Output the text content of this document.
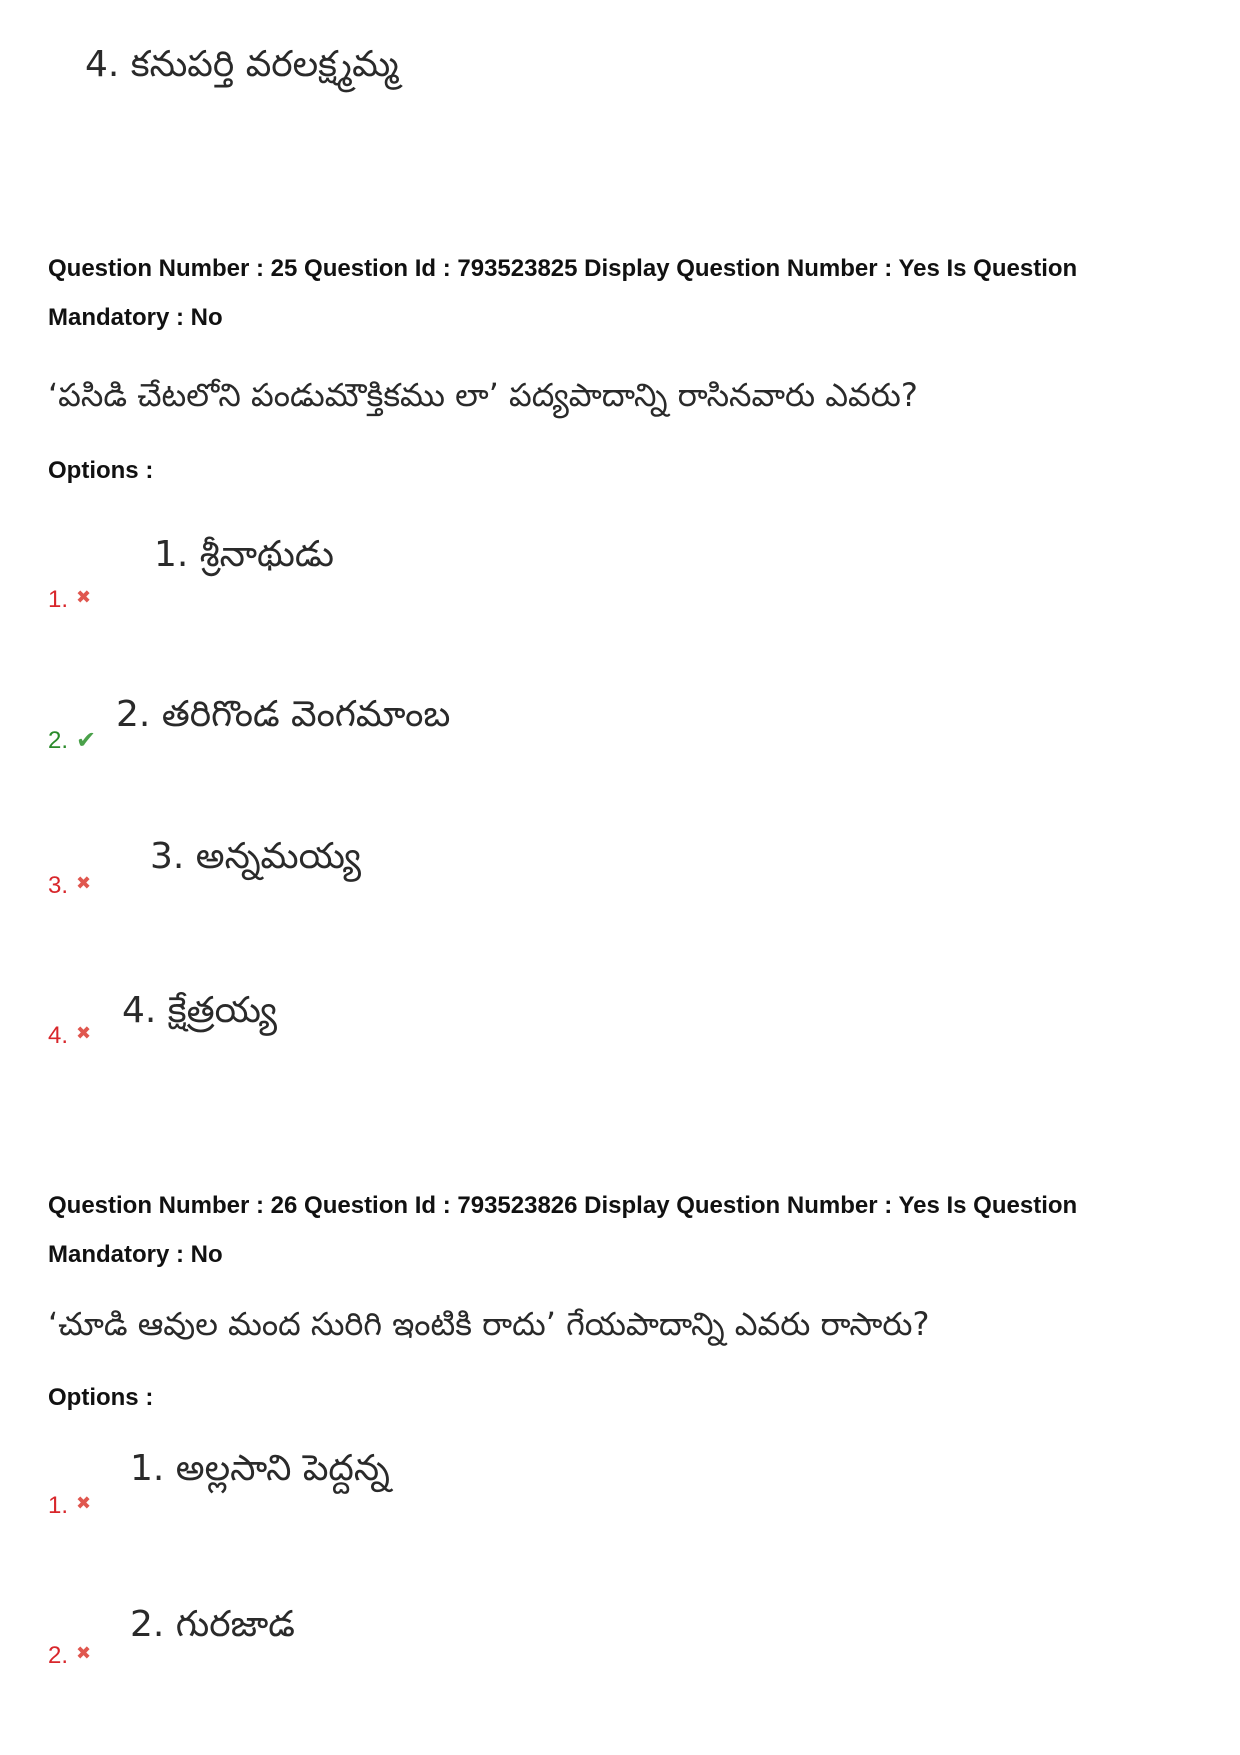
4. కనుపర్తి వరలక్ష్మమ్మ
Question Number : 25 Question Id : 793523825 Display Question Number : Yes Is Question
Mandatory : No
‘పసిడి చేటలోని పండుమౌక్తికము లా’ పద్యపాదాన్ని రాసినవారు ఎవరు?
Options :
1. ✖
1. శ్రీనాథుడు
2. ✔
2. తరిగొండ వెంగమాంబ
3. ✖
3. అన్నమయ్య
4. ✖
4. క్షేత్రయ్య
Question Number : 26 Question Id : 793523826 Display Question Number : Yes Is Question
Mandatory : No
‘చూడి ఆవుల మంద సురిగి ఇంటికి రాదు’ గేయపాదాన్ని ఎవరు రాసారు?
Options :
1. ✖
1. అల్లసాని పెద్దన్న
2. ✖
2. గురజాడ
